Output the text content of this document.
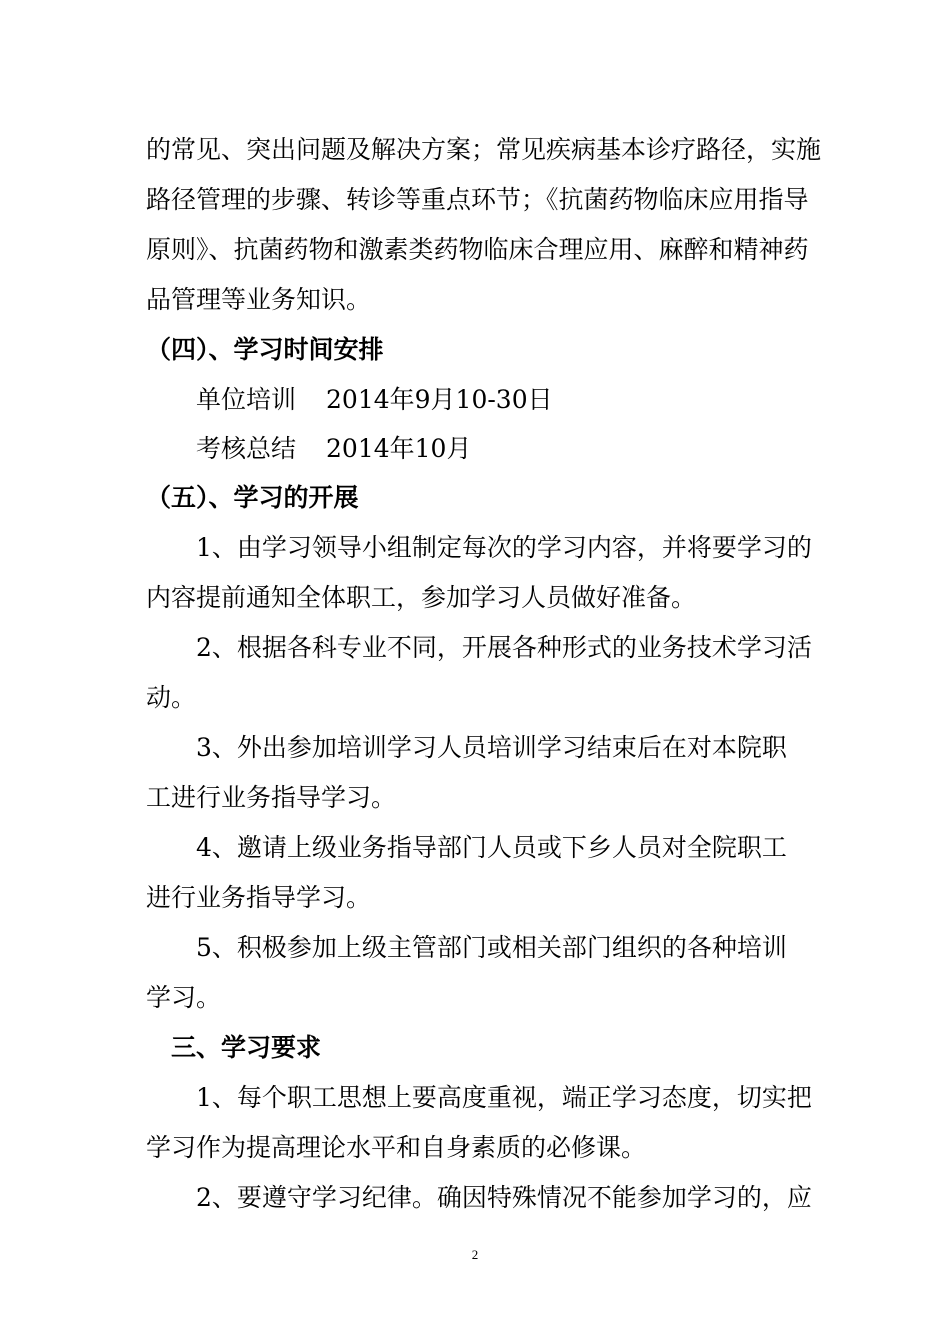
的常见、突出问题及解决方案；常见疾病基本诊疗路径，实施
路径管理的步骤、转诊等重点环节；《抗菌药物临床应用指导
原则》、抗菌药物和激素类药物临床合理应用、麻醉和精神药
品管理等业务知识。
（四）、学习时间安排
单位培训 2014年9月10-30日
考核总结 2014年10月
（五）、学习的开展
1、由学习领导小组制定每次的学习内容，并将要学习的
内容提前通知全体职工，参加学习人员做好准备。
2、根据各科专业不同，开展各种形式的业务技术学习活
动。
3、外出参加培训学习人员培训学习结束后在对本院职
工进行业务指导学习。
4、邀请上级业务指导部门人员或下乡人员对全院职工
进行业务指导学习。
5、积极参加上级主管部门或相关部门组织的各种培训
学习。
三、学习要求
1、每个职工思想上要高度重视，端正学习态度，切实把
学习作为提高理论水平和自身素质的必修课。
2、要遵守学习纪律。确因特殊情况不能参加学习的，应
2
